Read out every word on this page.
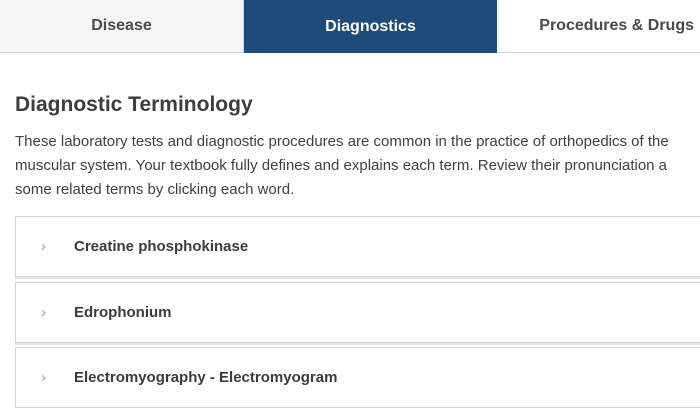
Disease	Diagnostics	Procedures & Drugs
Diagnostic Terminology
These laboratory tests and diagnostic procedures are common in the practice of orthopedics of the
muscular system. Your textbook fully defines and explains each term. Review their pronunciation a
some related terms by clicking each word.
›	Creatine phosphokinase
›	Edrophonium
›	Electromyography - Electromyogram
